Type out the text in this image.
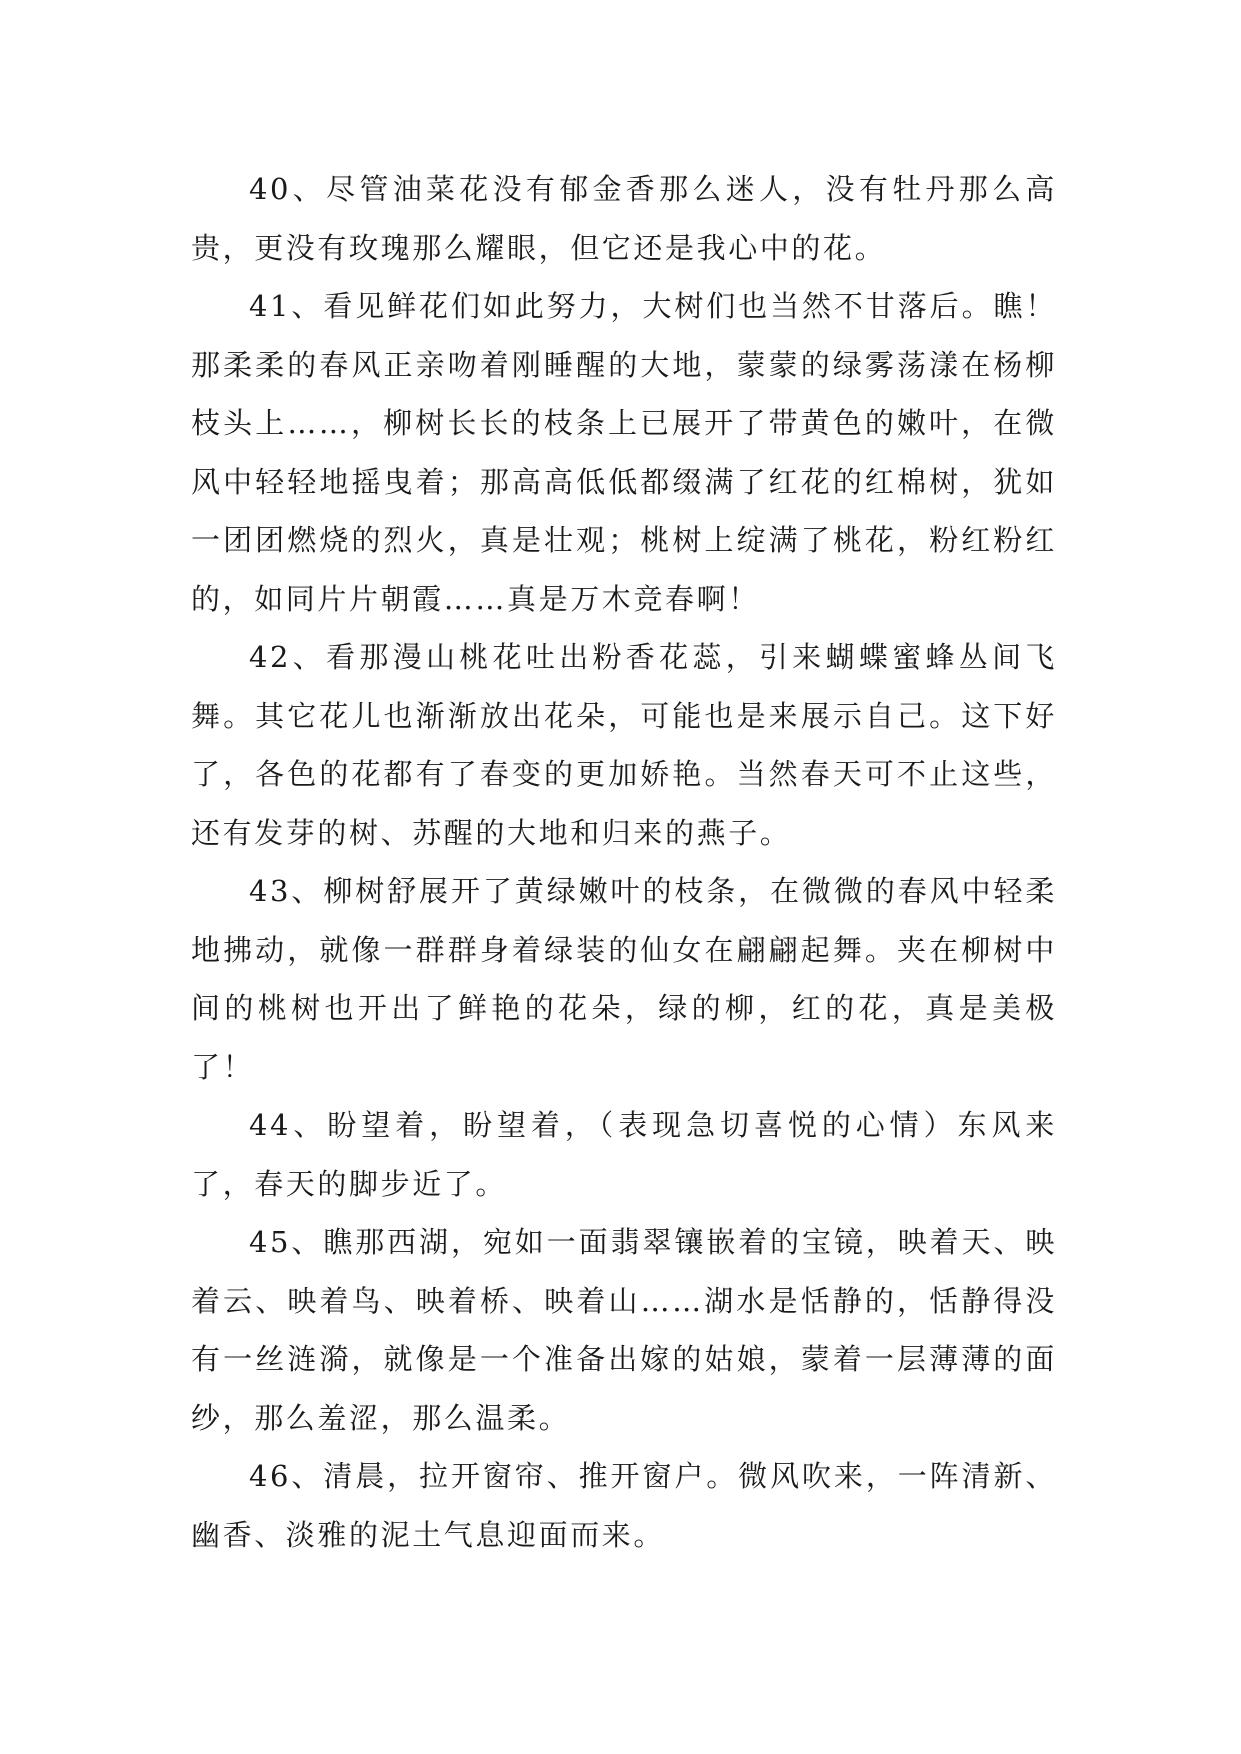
40、尽管油菜花没有郁金香那么迷人，没有牡丹那么高贵，更没有玫瑰那么耀眼，但它还是我心中的花。

41、看见鲜花们如此努力，大树们也当然不甘落后。瞧！那柔柔的春风正亲吻着刚睡醒的大地，蒙蒙的绿雾荡漾在杨柳枝头上……，柳树长长的枝条上已展开了带黄色的嫩叶，在微风中轻轻地摇曳着；那高高低低都缀满了红花的红棉树，犹如一团团燃烧的烈火，真是壮观；桃树上绽满了桃花，粉红粉红的，如同片片朝霞……真是万木竞春啊！

42、看那漫山桃花吐出粉香花蕊，引来蝴蝶蜜蜂丛间飞舞。其它花儿也渐渐放出花朵，可能也是来展示自己。这下好了，各色的花都有了春变的更加娇艳。当然春天可不止这些，还有发芽的树、苏醒的大地和归来的燕子。

43、柳树舒展开了黄绿嫩叶的枝条，在微微的春风中轻柔地拂动，就像一群群身着绿装的仙女在翩翩起舞。夹在柳树中间的桃树也开出了鲜艳的花朵，绿的柳，红的花，真是美极了！

44、盼望着，盼望着，（表现急切喜悦的心情）东风来了，春天的脚步近了。

45、瞧那西湖，宛如一面翡翠镶嵌着的宝镜，映着天、映着云、映着鸟、映着桥、映着山……湖水是恬静的，恬静得没有一丝涟漪，就像是一个准备出嫁的姑娘，蒙着一层薄薄的面纱，那么羞涩，那么温柔。

46、清晨，拉开窗帘、推开窗户。微风吹来，一阵清新、幽香、淡雅的泥土气息迎面而来。
